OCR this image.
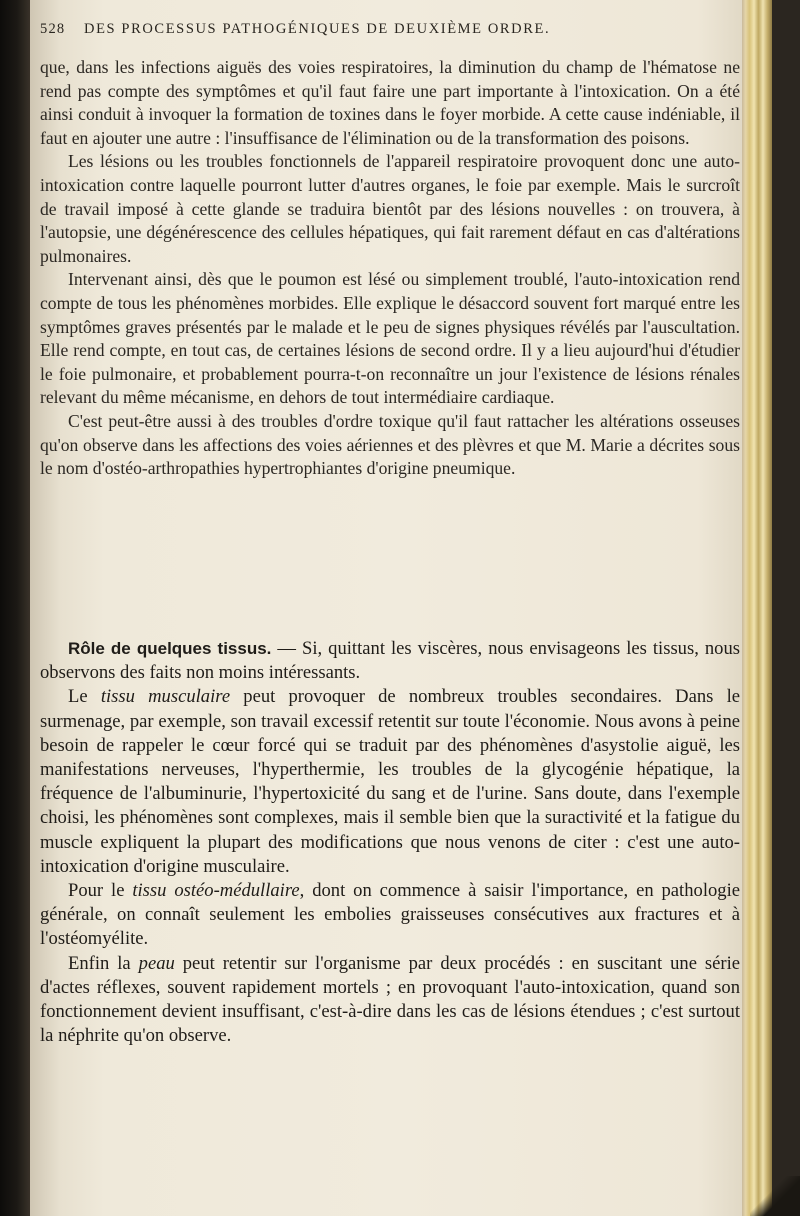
528 DES PROCESSUS PATHOGÉNIQUES DE DEUXIÈME ORDRE.

que, dans les infections aiguës des voies respiratoires, la diminution du champ de l'hématose ne rend pas compte des symptômes et qu'il faut faire une part importante à l'intoxication. On a été ainsi conduit à invoquer la formation de toxines dans le foyer morbide. A cette cause indéniable, il faut en ajouter une autre : l'insuffisance de l'élimination ou de la transformation des poisons.

Les lésions ou les troubles fonctionnels de l'appareil respiratoire provoquent donc une auto-intoxication contre laquelle pourront lutter d'autres organes, le foie par exemple. Mais le surcroît de travail imposé à cette glande se traduira bientôt par des lésions nouvelles : on trouvera, à l'autopsie, une dégénérescence des cellules hépatiques, qui fait rarement défaut en cas d'altérations pulmonaires.

Intervenant ainsi, dès que le poumon est lésé ou simplement troublé, l'auto-intoxication rend compte de tous les phénomènes morbides. Elle explique le désaccord souvent fort marqué entre les symptômes graves présentés par le malade et le peu de signes physiques révélés par l'auscultation. Elle rend compte, en tout cas, de certaines lésions de second ordre. Il y a lieu aujourd'hui d'étudier le foie pulmonaire, et probablement pourra-t-on reconnaître un jour l'existence de lésions rénales relevant du même mécanisme, en dehors de tout intermédiaire cardiaque.

C'est peut-être aussi à des troubles d'ordre toxique qu'il faut rattacher les altérations osseuses qu'on observe dans les affections des voies aériennes et des plèvres et que M. Marie a décrites sous le nom d'ostéo-arthropathies hypertrophiantes d'origine pneumique.

Rôle de quelques tissus. — Si, quittant les viscères, nous envisageons les tissus, nous observons des faits non moins intéressants.

Le tissu musculaire peut provoquer de nombreux troubles secondaires. Dans le surmenage, par exemple, son travail excessif retentit sur toute l'économie. Nous avons à peine besoin de rappeler le cœur forcé qui se traduit par des phénomènes d'asystolie aiguë, les manifestations nerveuses, l'hyperthermie, les troubles de la glycogénie hépatique, la fréquence de l'albuminurie, l'hypertoxicité du sang et de l'urine. Sans doute, dans l'exemple choisi, les phénomènes sont complexes, mais il semble bien que la suractivité et la fatigue du muscle expliquent la plupart des modifications que nous venons de citer : c'est une auto-intoxication d'origine musculaire.

Pour le tissu ostéo-médullaire, dont on commence à saisir l'importance, en pathologie générale, on connaît seulement les embolies graisseuses consécutives aux fractures et à l'ostéomyélite.

Enfin la peau peut retentir sur l'organisme par deux procédés : en suscitant une série d'actes réflexes, souvent rapidement mortels ; en provoquant l'auto-intoxication, quand son fonctionnement devient insuffisant, c'est-à-dire dans les cas de lésions étendues ; c'est surtout la néphrite qu'on observe.
